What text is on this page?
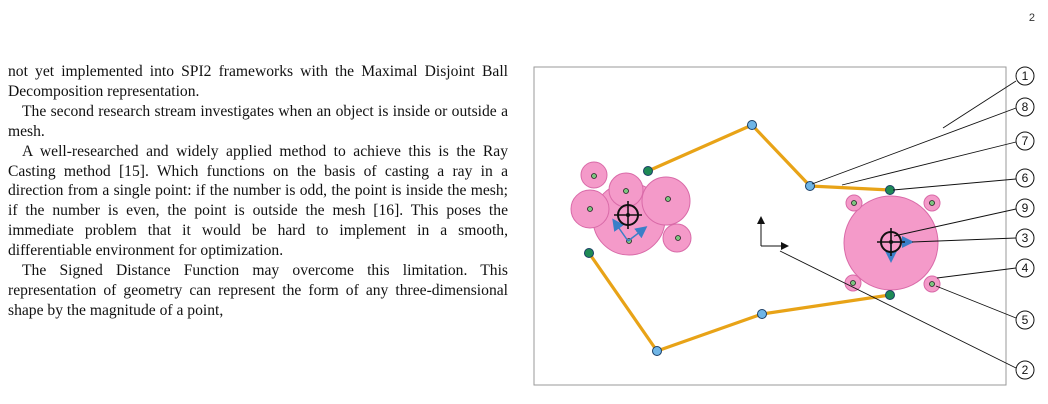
2

not yet implemented into SPI2 frameworks with the Maximal Disjoint Ball Decomposition representation.

The second research stream investigates when an object is inside or outside a mesh.

A well-researched and widely applied method to achieve this is the Ray Casting method [15]. Which functions on the basis of casting a ray in a direction from a single point: if the number is odd, the point is inside the mesh; if the number is even, the point is outside the mesh [16]. This poses the immediate problem that it would be hard to implement in a smooth, differentiable environment for optimization.

The Signed Distance Function may overcome this limitation. This representation of geometry can represent the form of any three-dimensional shape by the magnitude of a point,

1
8
7
6
9
3
4
5
2
